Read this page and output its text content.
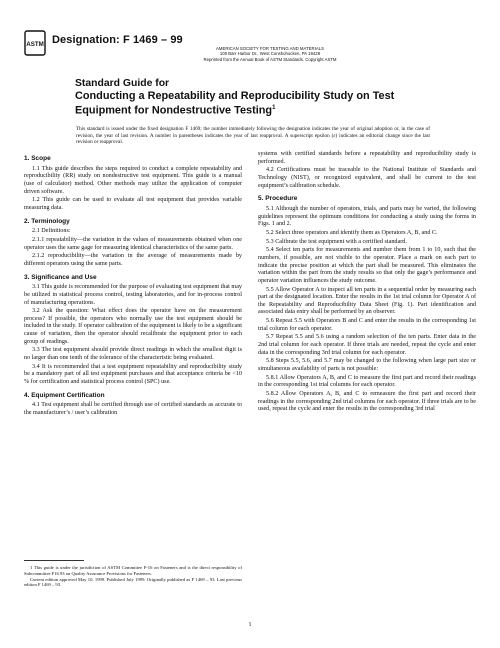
ASTM Designation: F 1469 – 99
AMERICAN SOCIETY FOR TESTING AND MATERIALS
100 Barr Harbor Dr., West Conshohocken, PA 19428
Reprinted from the Annual Book of ASTM Standards. Copyright ASTM
Standard Guide for
Conducting a Repeatability and Reproducibility Study on Test Equipment for Nondestructive Testing$^1$
This standard is issued under the fixed designation F 1469; the number immediately following the designation indicates the year of original adoption or, in the case of revision, the year of last revision. A number in parentheses indicates the year of last reapproval. A superscript epsilon (ε) indicates an editorial change since the last revision or reapproval.
1. Scope
1.1 This guide describes the steps required to conduct a complete repeatability and reproducibility (RR) study on nondestructive test equipment. This guide is a manual (use of calculator) method. Other methods may utilize the application of computer driven software.
1.2 This guide can be used to evaluate all test equipment that provides variable measuring data.
2. Terminology
2.1 Definitions:
2.1.1 repeatability—the variation in the values of measurements obtained when one operator uses the same gage for measuring identical characteristics of the same parts.
2.1.2 reproducibility—the variation in the average of measurements made by different operators using the same parts.
3. Significance and Use
3.1 This guide is recommended for the purpose of evaluating test equipment that may be utilized in statistical process control, testing laboratories, and for in-process control of manufacturing operations.
3.2 Ask the question: What effect does the operator have on the measurement process? If possible, the operators who normally use the test equipment should be included in the study. If operator calibration of the equipment is likely to be a significant cause of variation, then the operator should recalibrate the equipment prior to each group of readings.
3.3 The test equipment should provide direct readings in which the smallest digit is no larger than one tenth of the tolerance of the characteristic being evaluated.
3.4 It is recommended that a test equipment repeatability and reproducibility study be a mandatory part of all test equipment purchases and that acceptance criteria be <10 % for certification and statistical process control (SPC) use.
4. Equipment Certification
4.1 Test equipment shall be certified through use of certified standards as accurate to the manufacturer’s / user’s calibration
systems with certified standards before a repeatability and reproducibility study is performed.
4.2 Certifications must be traceable to the National Institute of Standards and Technology (NIST), or recognized equivalent, and shall be current to the test equipment’s calibration schedule.
5. Procedure
5.1 Although the number of operators, trials, and parts may be varied, the following guidelines represent the optimum conditions for conducting a study using the forms in Figs. 1 and 2.
5.2 Select three operators and identify them as Operators A, B, and C.
5.3 Calibrate the test equipment with a certified standard.
5.4 Select ten parts for measurements and number them from 1 to 10, such that the numbers, if possible, are not visible to the operator. Place a mark on each part to indicate the precise position at which the part shall be measured. This eliminates the variation within the part from the study results so that only the gage’s performance and operator variation influences the study outcome.
5.5 Allow Operator A to inspect all ten parts in a sequential order by measuring each part at the designated location. Enter the results in the 1st trial column for Operator A of the Repeatability and Reproducibility Data Sheet (Fig. 1). Part identification and associated data entry shall be performed by an observer.
5.6 Repeat 5.5 with Operators B and C and enter the results in the corresponding 1st trial column for each operator.
5.7 Repeat 5.5 and 5.6 using a random selection of the ten parts. Enter data in the 2nd trial column for each operator. If three trials are needed, repeat the cycle and enter data in the corresponding 3rd trial column for each operator.
5.8 Steps 5.5, 5.6, and 5.7 may be changed to the following when large part size or simultaneous availability of parts is not possible:
5.8.1 Allow Operators A, B, and C to measure the first part and record their readings in the corresponding 1st trial columns for each operator.
5.8.2 Allow Operators A, B, and C to remeasure the first part and record their readings in the corresponding 2nd trial columns for each operator. If three trials are to be used, repeat the cycle and enter the results in the corresponding 3rd trial
1 This guide is under the jurisdiction of ASTM Committee F-16 on Fasteners and is the direct responsibility of Subcommittee F16.93 on Quality Assurance Provisions for Fasteners.
Current edition approved May 10, 1999. Published July 1999. Originally published as F 1469 – 93. Last previous edition F 1469 – 93.
1
